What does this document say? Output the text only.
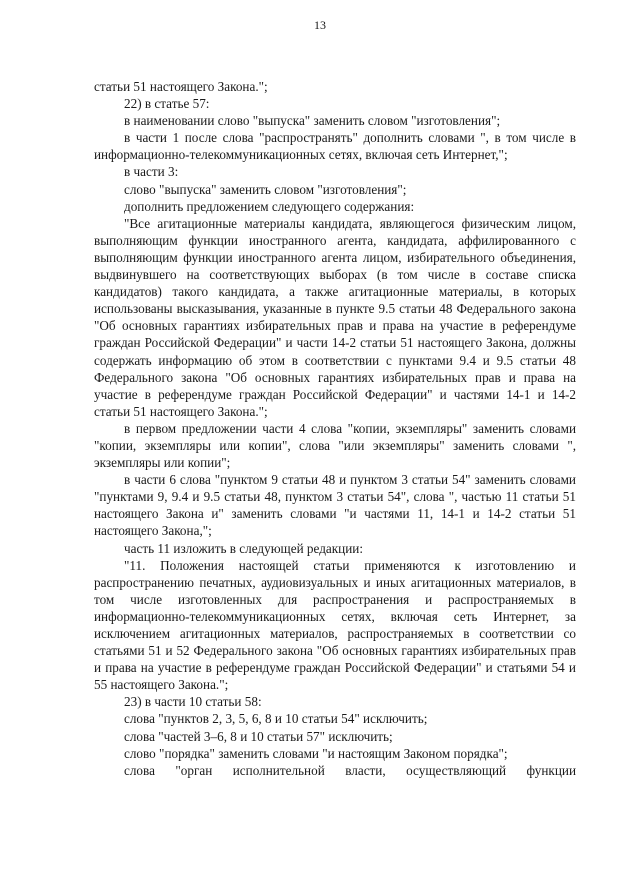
13
статьи 51 настоящего Закона.";
22) в статье 57:
в наименовании слово "выпуска" заменить словом "изготовления";
в части 1 после слова "распространять" дополнить словами ", в том числе в информационно-телекоммуникационных сетях, включая сеть Интернет,";
в части 3:
слово "выпуска" заменить словом "изготовления";
дополнить предложением следующего содержания:
"Все агитационные материалы кандидата, являющегося физическим лицом, выполняющим функции иностранного агента, кандидата, аффилированного с выполняющим функции иностранного агента лицом, избирательного объединения, выдвинувшего на соответствующих выборах (в том числе в составе списка кандидатов) такого кандидата, а также агитационные материалы, в которых использованы высказывания, указанные в пункте 9.5 статьи 48 Федерального закона "Об основных гарантиях избирательных прав и права на участие в референдуме граждан Российской Федерации" и части 14-2 статьи 51 настоящего Закона, должны содержать информацию об этом в соответствии с пунктами 9.4 и 9.5 статьи 48 Федерального закона "Об основных гарантиях избирательных прав и права на участие в референдуме граждан Российской Федерации" и частями 14-1 и 14-2 статьи 51 настоящего Закона.";
в первом предложении части 4 слова "копии, экземпляры" заменить словами "копии, экземпляры или копии", слова "или экземпляры" заменить словами ", экземпляры или копии";
в части 6 слова "пунктом 9 статьи 48 и пунктом 3 статьи 54" заменить словами "пунктами 9, 9.4 и 9.5 статьи 48, пунктом 3 статьи 54", слова ", частью 11 статьи 51 настоящего Закона и" заменить словами "и частями 11, 14-1 и 14-2 статьи 51 настоящего Закона,";
часть 11 изложить в следующей редакции:
"11. Положения настоящей статьи применяются к изготовлению и распространению печатных, аудиовизуальных и иных агитационных материалов, в том числе изготовленных для распространения и распространяемых в информационно-телекоммуникационных сетях, включая сеть Интернет, за исключением агитационных материалов, распространяемых в соответствии со статьями 51 и 52 Федерального закона "Об основных гарантиях избирательных прав и права на участие в референдуме граждан Российской Федерации" и статьями 54 и 55 настоящего Закона.";
23) в части 10 статьи 58:
слова "пунктов 2, 3, 5, 6, 8 и 10 статьи 54" исключить;
слова "частей 3–6, 8 и 10 статьи 57" исключить;
слово "порядка" заменить словами "и настоящим Законом порядка";
слова "орган исполнительной власти, осуществляющий функции
